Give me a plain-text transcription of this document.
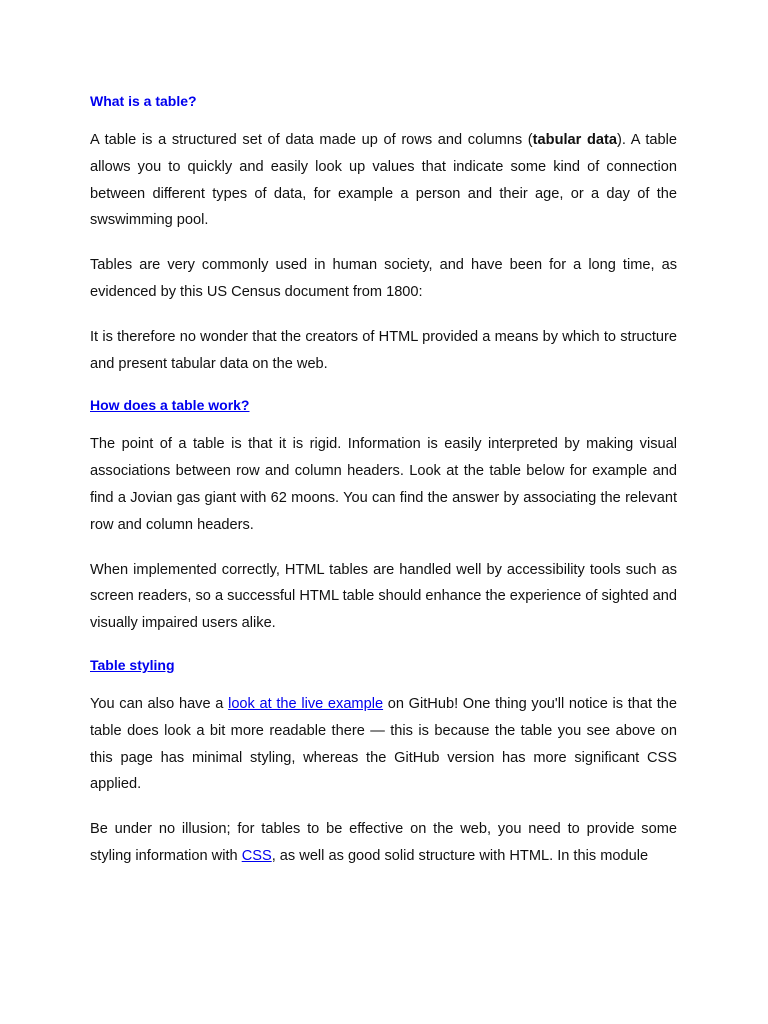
What is a table?

A table is a structured set of data made up of rows and columns (tabular data). A table allows you to quickly and easily look up values that indicate some kind of connection between different types of data, for example a person and their age, or a day of the swswimming pool.

Tables are very commonly used in human society, and have been for a long time, as evidenced by this US Census document from 1800:

It is therefore no wonder that the creators of HTML provided a means by which to structure and present tabular data on the web.

How does a table work?

The point of a table is that it is rigid. Information is easily interpreted by making visual associations between row and column headers. Look at the table below for example and find a Jovian gas giant with 62 moons. You can find the answer by associating the relevant row and column headers.

When implemented correctly, HTML tables are handled well by accessibility tools such as screen readers, so a successful HTML table should enhance the experience of sighted and visually impaired users alike.

Table styling

You can also have a look at the live example on GitHub! One thing you'll notice is that the table does look a bit more readable there — this is because the table you see above on this page has minimal styling, whereas the GitHub version has more significant CSS applied.

Be under no illusion; for tables to be effective on the web, you need to provide some styling information with CSS, as well as good solid structure with HTML. In this module
